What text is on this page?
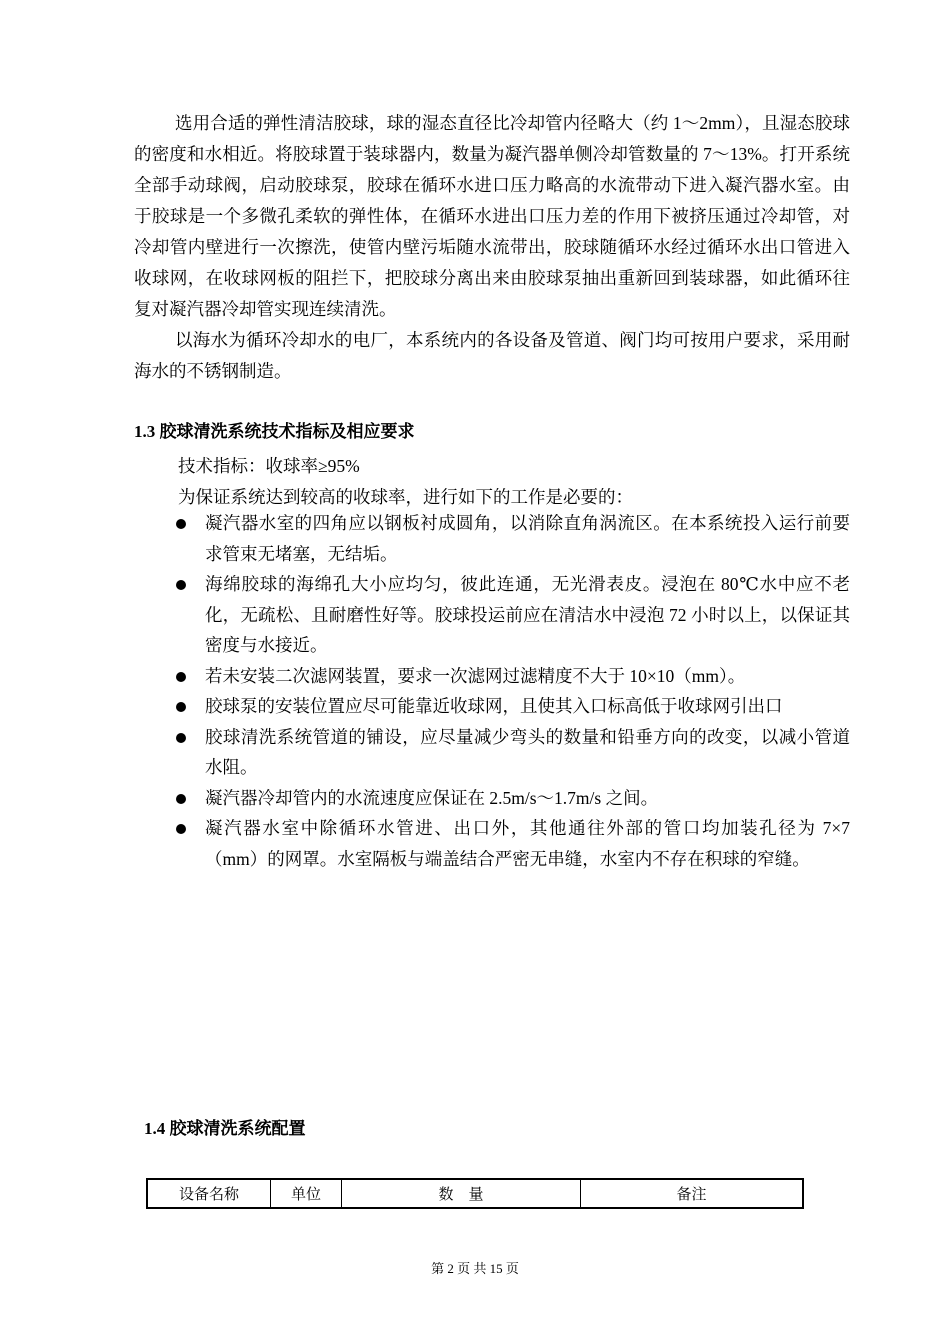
选用合适的弹性清洁胶球，球的湿态直径比冷却管内径略大（约 1～2mm），且湿态胶球的密度和水相近。将胶球置于装球器内，数量为凝汽器单侧冷却管数量的 7～13%。打开系统全部手动球阀，启动胶球泵，胶球在循环水进口压力略高的水流带动下进入凝汽器水室。由于胶球是一个多微孔柔软的弹性体，在循环水进出口压力差的作用下被挤压通过冷却管，对冷却管内壁进行一次擦洗，使管内壁污垢随水流带出，胶球随循环水经过循环水出口管进入收球网，在收球网板的阻拦下，把胶球分离出来由胶球泵抽出重新回到装球器，如此循环往复对凝汽器冷却管实现连续清洗。

以海水为循环冷却水的电厂，本系统内的各设备及管道、阀门均可按用户要求，采用耐海水的不锈钢制造。

1.3 胶球清洗系统技术指标及相应要求

技术指标：收球率≥95%

为保证系统达到较高的收球率，进行如下的工作是必要的：

凝汽器水室的四角应以钢板衬成圆角，以消除直角涡流区。在本系统投入运行前要求管束无堵塞，无结垢。
海绵胶球的海绵孔大小应均匀，彼此连通，无光滑表皮。浸泡在 80℃水中应不老化，无疏松、且耐磨性好等。胶球投运前应在清洁水中浸泡 72 小时以上，以保证其密度与水接近。
若未安装二次滤网装置，要求一次滤网过滤精度不大于 10×10（mm）。
胶球泵的安装位置应尽可能靠近收球网，且使其入口标高低于收球网引出口
胶球清洗系统管道的铺设，应尽量减少弯头的数量和铅垂方向的改变，以减小管道水阻。
凝汽器冷却管内的水流速度应保证在 2.5m/s～1.7m/s 之间。
凝汽器水室中除循环水管进、出口外，其他通往外部的管口均加装孔径为 7×7（mm）的网罩。水室隔板与端盖结合严密无串缝，水室内不存在积球的窄缝。
1.4 胶球清洗系统配置
设备名称	单位	数　量	备注
第 2 页 共 15 页
